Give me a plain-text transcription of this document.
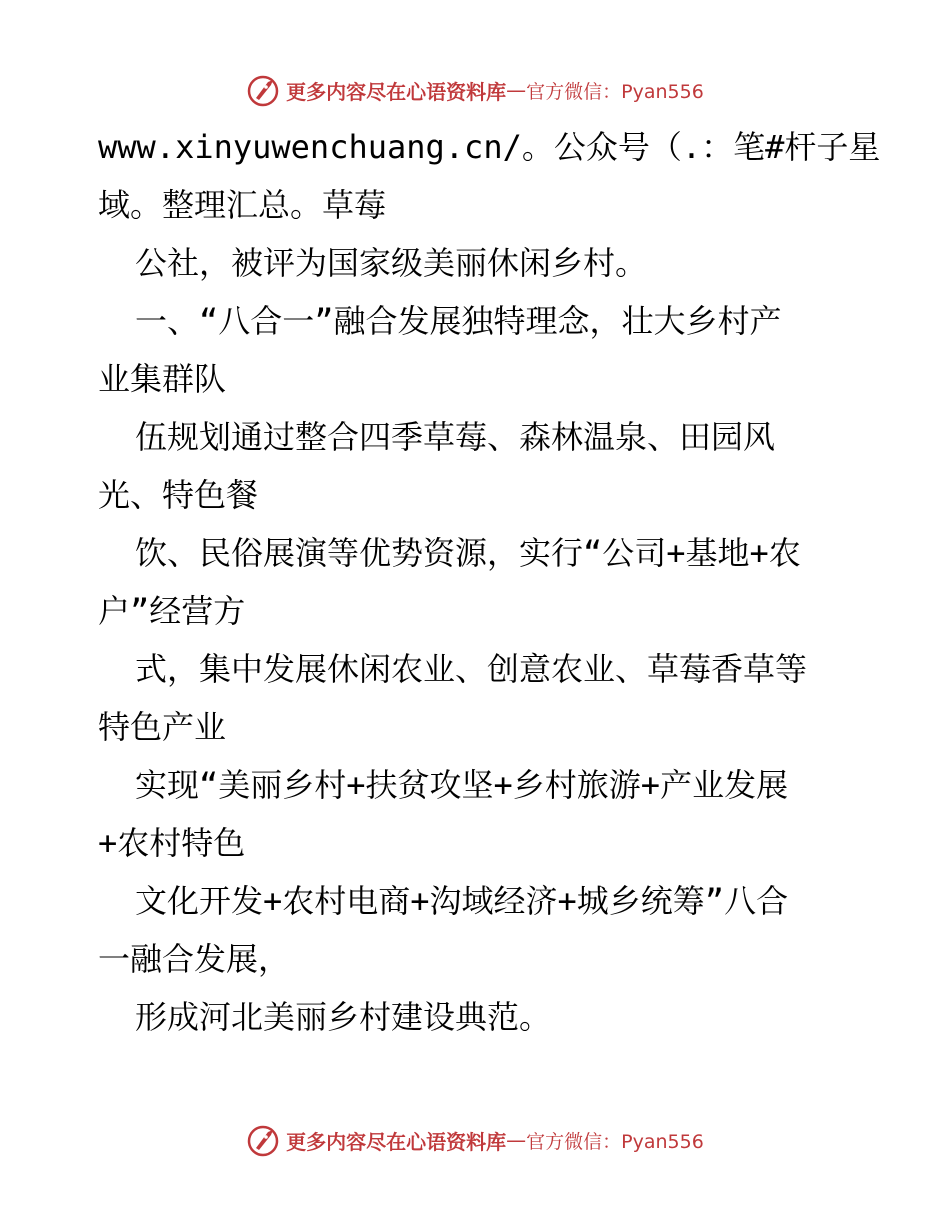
更多内容尽在心语资料库 — 官方微信：Pyan556
www.xinyuwenchuang.cn/。公众号（.：笔#杆子星
域。整理汇总。草莓
公社，被评为国家级美丽休闲乡村。
一、“八合一”融合发展独特理念，壮大乡村产
业集群队
伍规划通过整合四季草莓、森林温泉、田园风
光、特色餐
饮、民俗展演等优势资源，实行“公司+基地+农
户”经营方
式，集中发展休闲农业、创意农业、草莓香草等
特色产业
实现“美丽乡村+扶贫攻坚+乡村旅游+产业发展
+农村特色
文化开发+农村电商+沟域经济+城乡统筹”八合
一融合发展，
形成河北美丽乡村建设典范。
更多内容尽在心语资料库 — 官方微信：Pyan556
